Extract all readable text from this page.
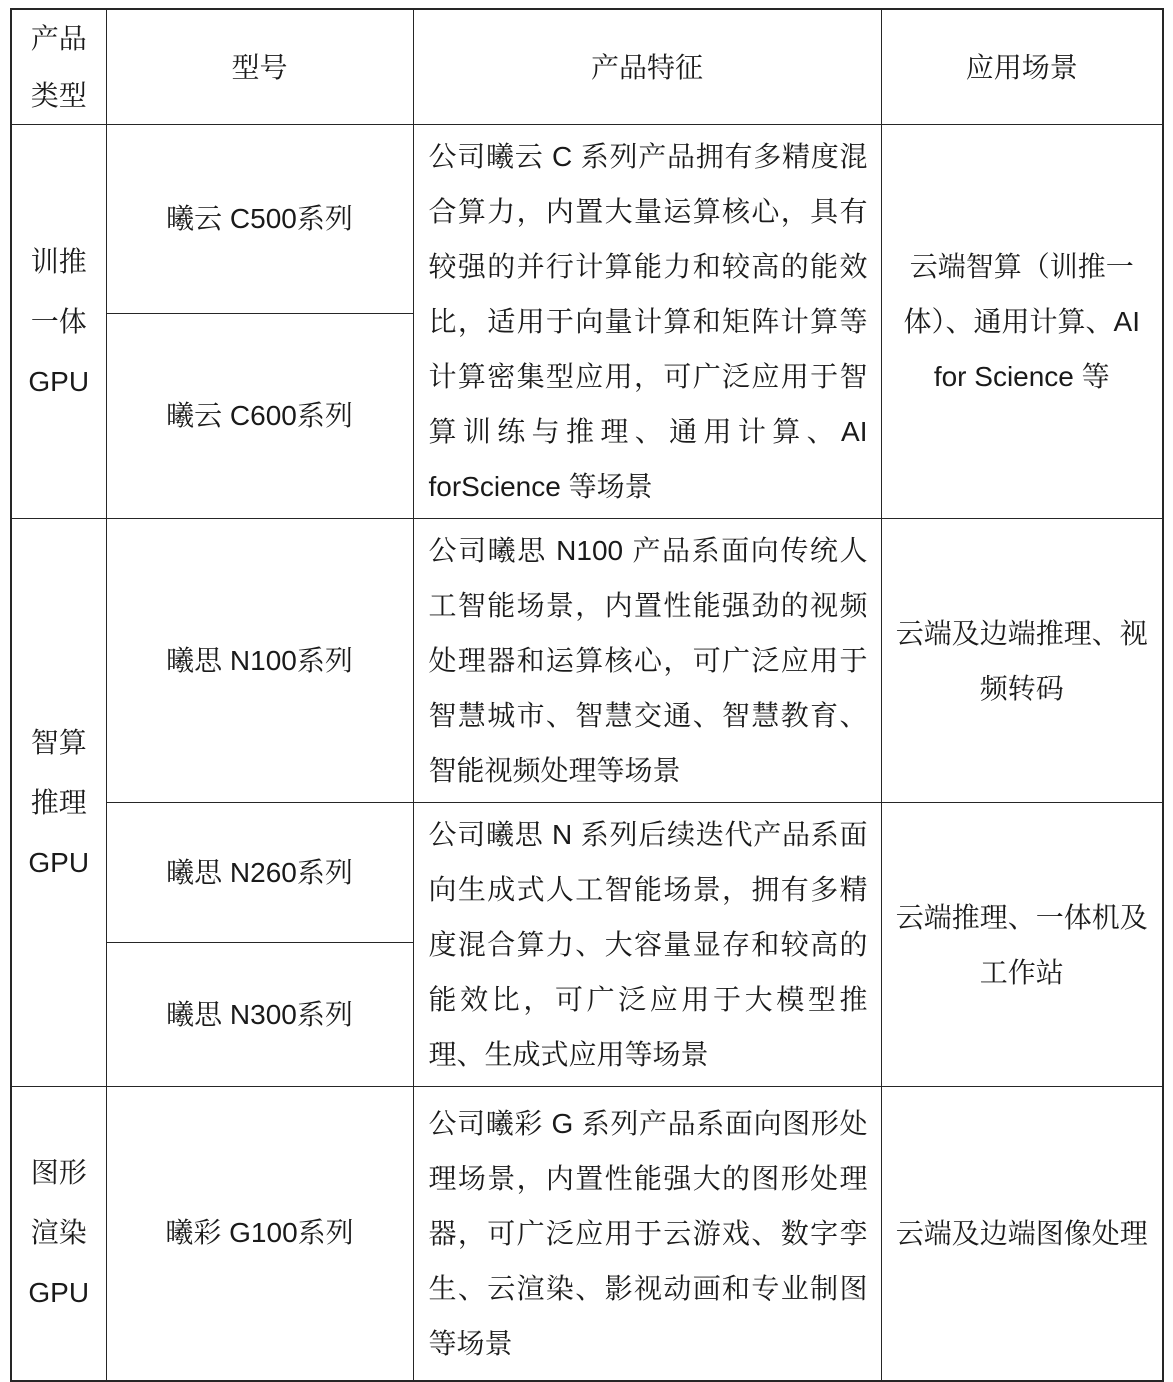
产品类型	型号	产品特征	应用场景
训推一体GPU	曦云 C500系列	公司曦云 C 系列产品拥有多精度混合算力，内置大量运算核心，具有较强的并行计算能力和较高的能效比，适用于向量计算和矩阵计算等计算密集型应用，可广泛应用于智算训练与推理、通用计算、AI forScience 等场景	云端智算（训推一体）、通用计算、AI for Science 等
	曦云 C600系列		
智算推理GPU	曦思 N100系列	公司曦思 N100 产品系面向传统人工智能场景，内置性能强劲的视频处理器和运算核心，可广泛应用于智慧城市、智慧交通、智慧教育、智能视频处理等场景	云端及边端推理、视频转码
	曦思 N260系列	公司曦思 N 系列后续迭代产品系面向生成式人工智能场景，拥有多精度混合算力、大容量显存和较高的能效比，可广泛应用于大模型推理、生成式应用等场景	云端推理、一体机及工作站
	曦思 N300系列		
图形渲染GPU	曦彩 G100系列	公司曦彩 G 系列产品系面向图形处理场景，内置性能强大的图形处理器，可广泛应用于云游戏、数字孪生、云渲染、影视动画和专业制图等场景	云端及边端图像处理
